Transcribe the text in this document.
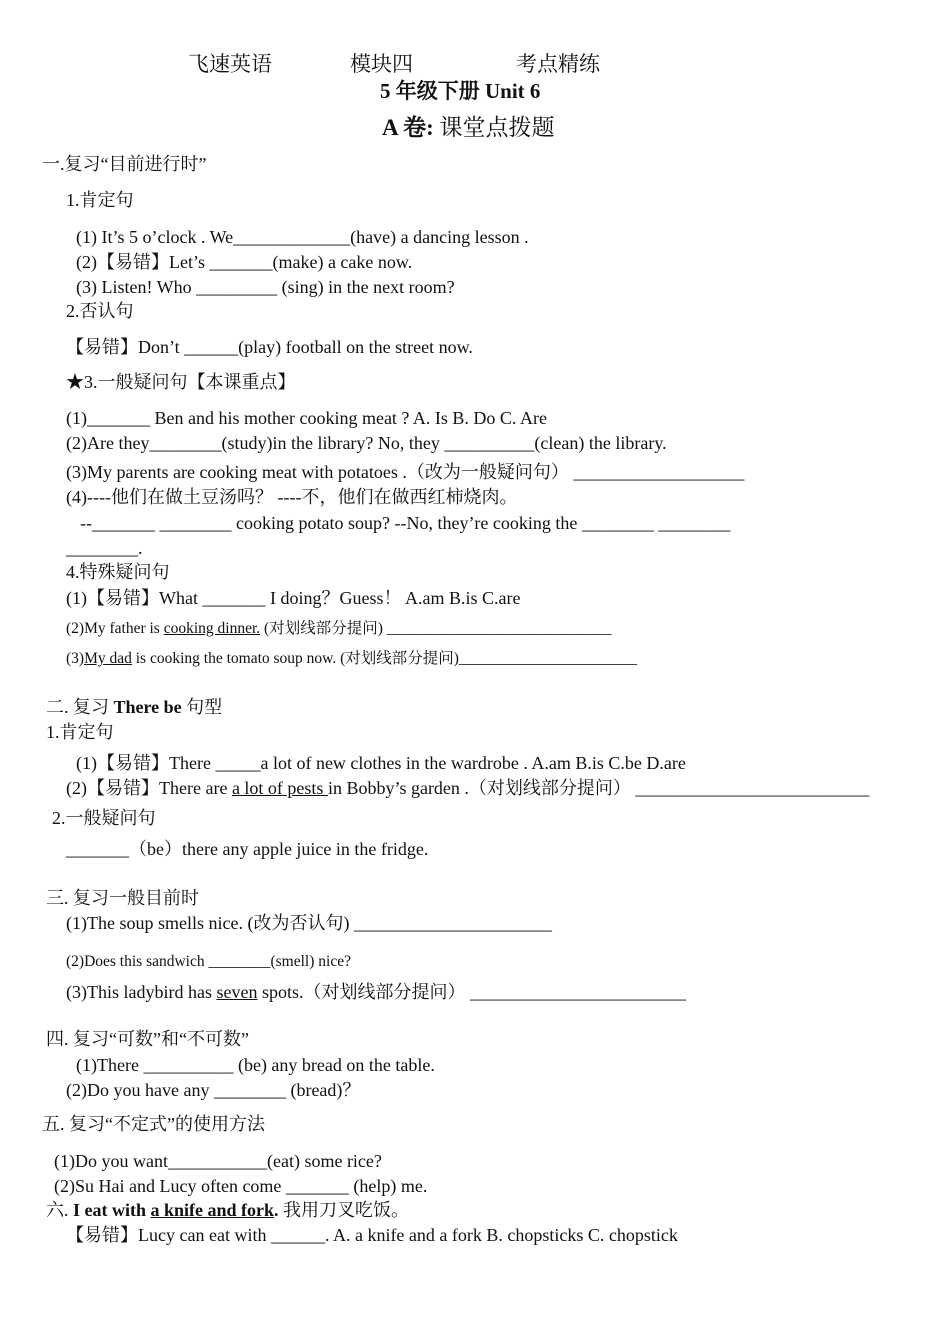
飞速英语	模块四	考点精练
5 年级下册 Unit 6
A 卷: 课堂点拨题
一.复习“目前进行时”
1.肯定句
(1) It’s 5 o’clock . We_____________(have) a dancing lesson .
(2)【易错】Let’s _______(make) a cake now.
(3) Listen! Who _________ (sing) in the next room?
2.否认句
【易错】Don’t ______(play) football on the street now.
★3.一般疑问句【本课重点】
(1)_______ Ben and his mother cooking meat ? A. Is B. Do C. Are
(2)Are they________(study)in the library? No, they __________(clean) the library.
(3)My parents are cooking meat with potatoes .（改为一般疑问句） ___________________
(4)----他们在做土豆汤吗？ ----不，他们在做西红柿烧肉。
--_______ ________ cooking potato soup? --No, they’re cooking the ________ ________
________.
4.特殊疑问句
(1)【易错】What _______ I doing？Guess！ A.am B.is C.are
(2)My father is cooking dinner. (对划线部分提问) _____________________________
(3)My dad is cooking the tomato soup now. (对划线部分提问)_______________________
二. 复习 There be 句型
1.肯定句
(1)【易错】There _____a lot of new clothes in the wardrobe . A.am B.is C.be D.are
(2)【易错】There are a lot of pests in Bobby’s garden .（对划线部分提问） __________________________
2.一般疑问句
_______（be）there any apple juice in the fridge.
三. 复习一般目前时
(1)The soup smells nice. (改为否认句) ______________________
(2)Does this sandwich ________(smell) nice?
(3)This ladybird has seven spots.（对划线部分提问） ________________________
四. 复习“可数”和“不可数”
(1)There __________ (be) any bread on the table.
(2)Do you have any ________ (bread)？
五. 复习“不定式”的使用方法
(1)Do you want___________(eat) some rice?
(2)Su Hai and Lucy often come _______ (help) me.
六. I eat with a knife and fork. 我用刀叉吃饭。
【易错】Lucy can eat with ______. A. a knife and a fork B. chopsticks C. chopstick
